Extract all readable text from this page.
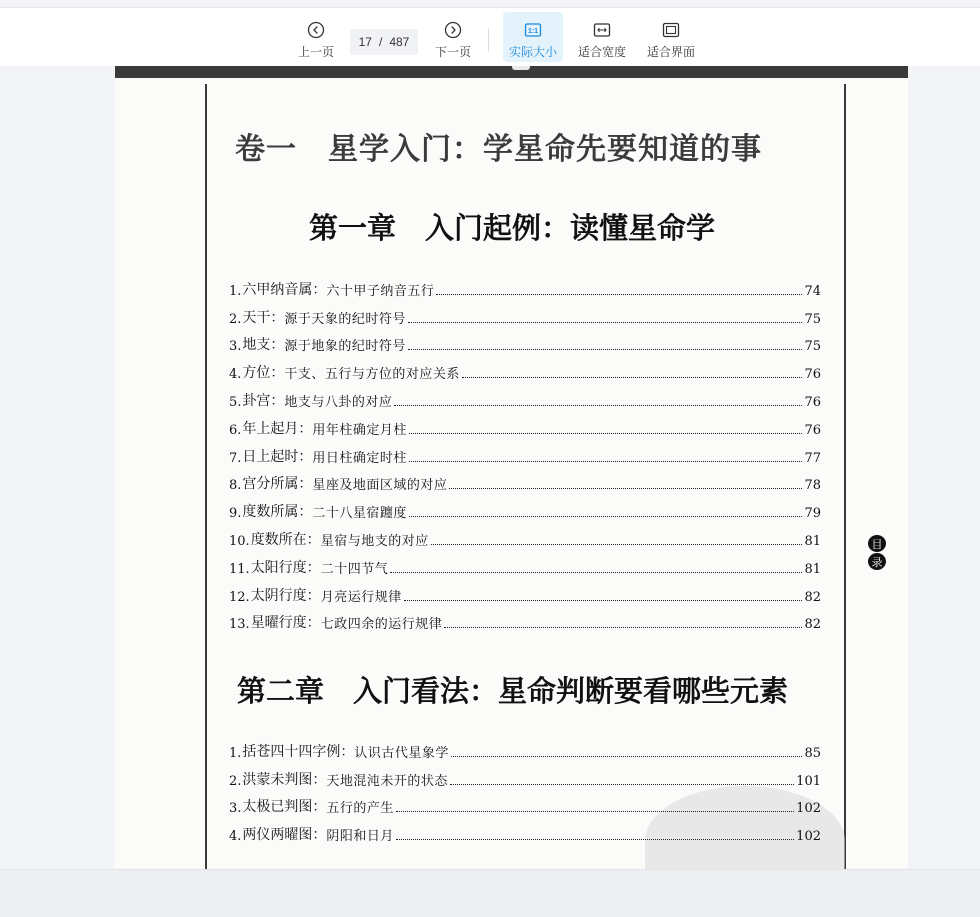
上一页
17 / 487
下一页
1:1
实际大小 适合宽度 适合界面
卷一　星学入门：学星命先要知道的事
第一章　入门起例：读懂星命学
1. 六甲纳音属： 六十甲子纳音五行	74
2. 天干： 源于天象的纪时符号	75
3. 地支： 源于地象的纪时符号	75
4. 方位： 干支、五行与方位的对应关系	76
5. 卦宫： 地支与八卦的对应	76
6. 年上起月： 用年柱确定月柱	76
7. 日上起时： 用日柱确定时柱	77
8. 宫分所属： 星座及地面区域的对应	78
9. 度数所属： 二十八星宿躔度	79
10. 度数所在： 星宿与地支的对应	81
11. 太阳行度： 二十四节气	81
12. 太阴行度： 月亮运行规律	82
13. 星曜行度： 七政四余的运行规律	82
第二章　入门看法：星命判断要看哪些元素
1. 括苍四十四字例： 认识古代星象学	85
2. 洪蒙未判图： 天地混沌未开的状态	101
3. 太极已判图： 五行的产生	102
4. 两仪两曜图： 阴阳和日月	102
目
录
